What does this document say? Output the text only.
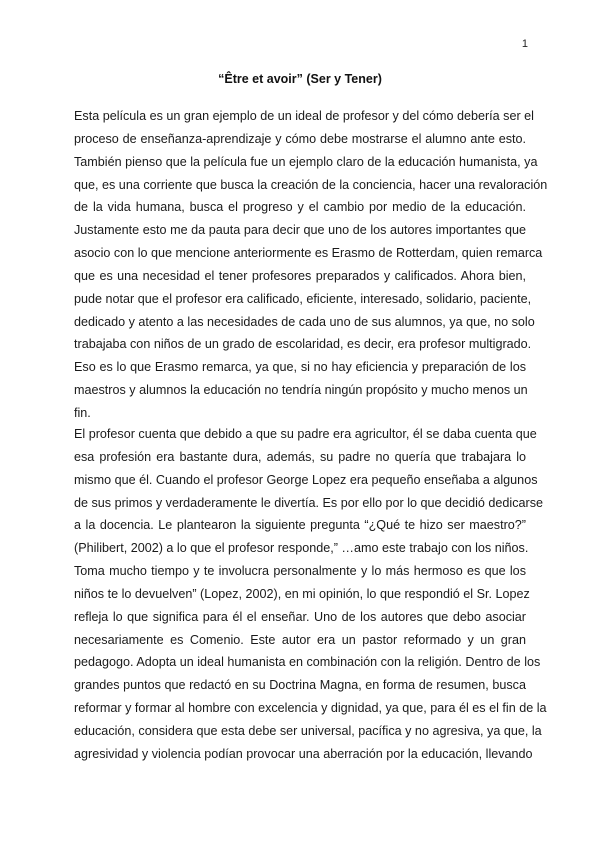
1
“Être et avoir” (Ser y Tener)
Esta película es un gran ejemplo de un ideal de profesor y del cómo debería ser el
proceso de enseñanza-aprendizaje y cómo debe mostrarse el alumno ante esto.
También pienso que la película fue un ejemplo claro de la educación humanista, ya
que, es una corriente que busca la creación de la conciencia, hacer una revaloración
de la vida humana, busca el progreso y el cambio por medio de la educación.
Justamente esto me da pauta para decir que uno de los autores importantes que
asocio con lo que mencione anteriormente es Erasmo de Rotterdam, quien remarca
que es una necesidad el tener profesores preparados y calificados. Ahora bien,
pude notar que el profesor era calificado, eficiente, interesado, solidario, paciente,
dedicado y atento a las necesidades de cada uno de sus alumnos, ya que, no solo
trabajaba con niños de un grado de escolaridad, es decir, era profesor multigrado.
Eso es lo que Erasmo remarca, ya que, si no hay eficiencia y preparación de los
maestros y alumnos la educación no tendría ningún propósito y mucho menos un
fin.
El profesor cuenta que debido a que su padre era agricultor, él se daba cuenta que
esa profesión era bastante dura, además, su padre no quería que trabajara lo
mismo que él. Cuando el profesor George Lopez era pequeño enseñaba a algunos
de sus primos y verdaderamente le divertía. Es por ello por lo que decidió dedicarse
a la docencia. Le plantearon la siguiente pregunta “¿Qué te hizo ser maestro?”
(Philibert, 2002) a lo que el profesor responde,” …amo este trabajo con los niños.
Toma mucho tiempo y te involucra personalmente y lo más hermoso es que los
niños te lo devuelven” (Lopez, 2002), en mi opinión, lo que respondió el Sr. Lopez
refleja lo que significa para él el enseñar. Uno de los autores que debo asociar
necesariamente es Comenio. Este autor era un pastor reformado y un gran
pedagogo. Adopta un ideal humanista en combinación con la religión. Dentro de los
grandes puntos que redactó en su Doctrina Magna, en forma de resumen, busca
reformar y formar al hombre con excelencia y dignidad, ya que, para él es el fin de la
educación, considera que esta debe ser universal, pacífica y no agresiva, ya que, la
agresividad y violencia podían provocar una aberración por la educación, llevando
